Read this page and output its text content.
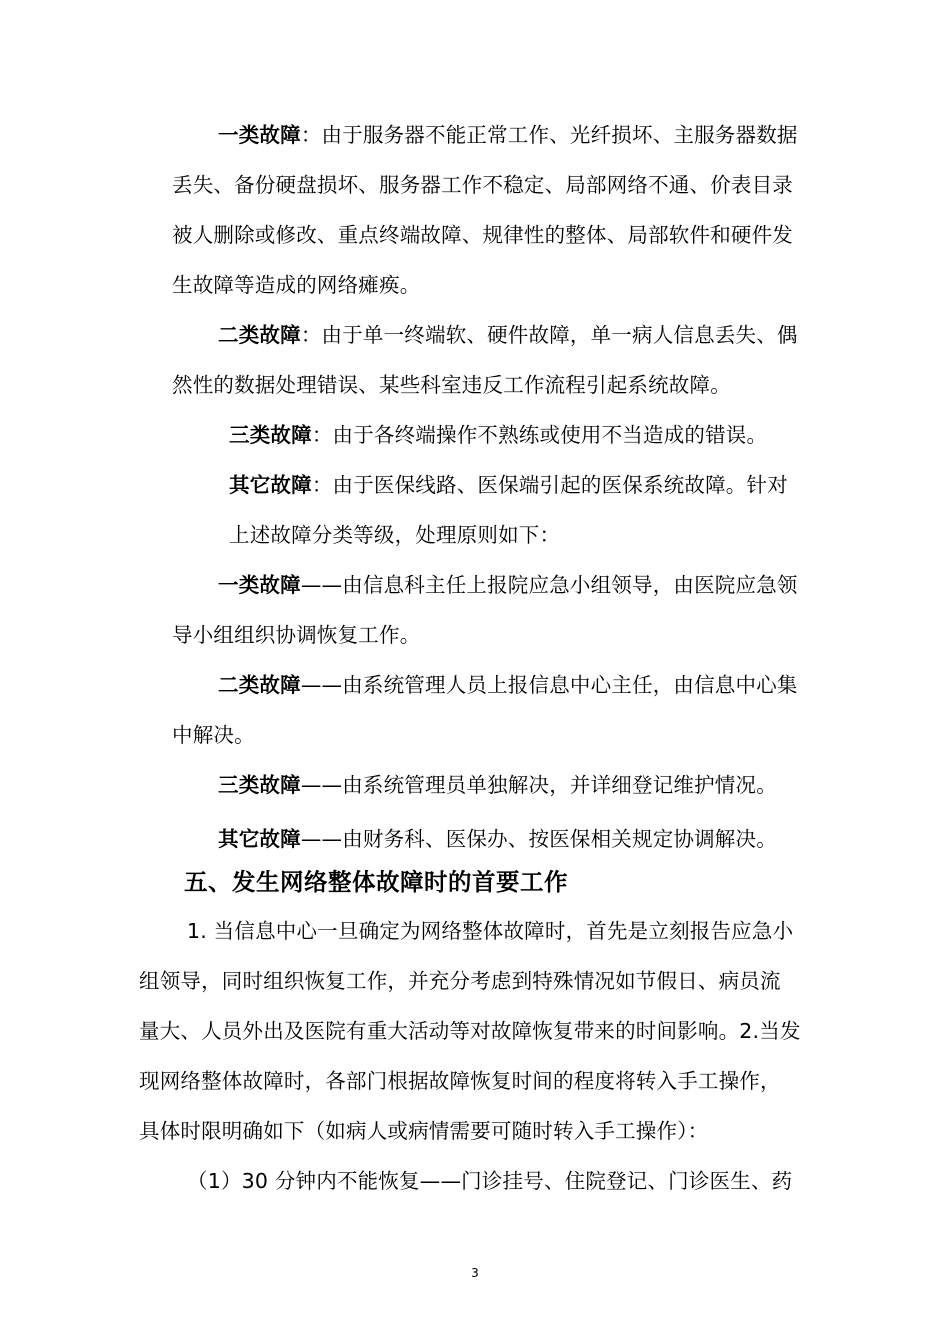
一类故障：由于服务器不能正常工作、光纤损坏、主服务器数据

丢失、备份硬盘损坏、服务器工作不稳定、局部网络不通、价表目录

被人删除或修改、重点终端故障、规律性的整体、局部软件和硬件发

生故障等造成的网络瘫痪。

二类故障：由于单一终端软、硬件故障，单一病人信息丢失、偶

然性的数据处理错误、某些科室违反工作流程引起系统故障。

三类故障：由于各终端操作不熟练或使用不当造成的错误。

其它故障：由于医保线路、医保端引起的医保系统故障。针对

上述故障分类等级，处理原则如下：

一类故障——由信息科主任上报院应急小组领导，由医院应急领

导小组组织协调恢复工作。

二类故障——由系统管理人员上报信息中心主任，由信息中心集

中解决。

三类故障——由系统管理员单独解决，并详细登记维护情况。

其它故障——由财务科、医保办、按医保相关规定协调解决。

五、发生网络整体故障时的首要工作

1. 当信息中心一旦确定为网络整体故障时，首先是立刻报告应急小

组领导，同时组织恢复工作，并充分考虑到特殊情况如节假日、病员流

量大、人员外出及医院有重大活动等对故障恢复带来的时间影响。2.当发

现网络整体故障时，各部门根据故障恢复时间的程度将转入手工操作，

具体时限明确如下（如病人或病情需要可随时转入手工操作）：

（1）30 分钟内不能恢复——门诊挂号、住院登记、门诊医生、药

3
